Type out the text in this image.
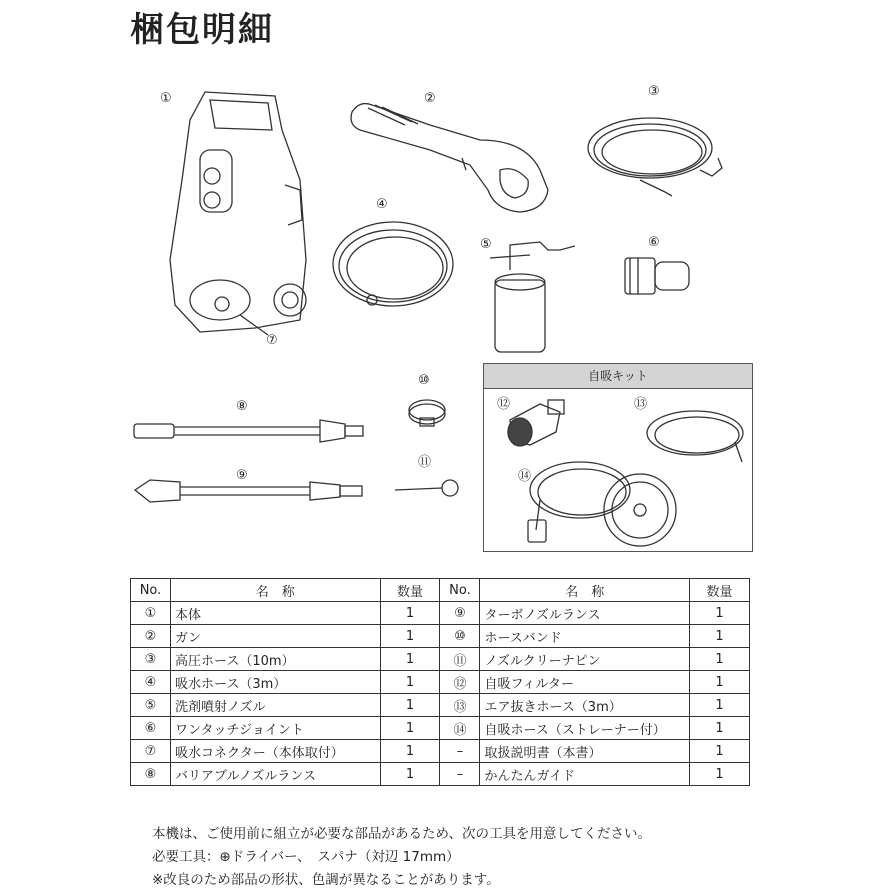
梱包明細
①	②	③
④
⑤	⑥
⑦
⑧
⑨
⑩
⑪
⑫	⑬
⑭
自吸キット
No.	名　称	数量	No.	名　称	数量
①	本体	1	⑨	ターボノズルランス	1
②	ガン	1	⑩	ホースバンド	1
③	高圧ホース（10m）	1	⑪	ノズルクリーナピン	1
④	吸水ホース（3m）	1	⑫	自吸フィルター	1
⑤	洗剤噴射ノズル	1	⑬	エア抜きホース（3m）	1
⑥	ワンタッチジョイント	1	⑭	自吸ホース（ストレーナー付）	1
⑦	吸水コネクター（本体取付）	1	–	取扱説明書（本書）	1
⑧	バリアブルノズルランス	1	–	かんたんガイド	1
本機は、ご使用前に組立が必要な部品があるため、次の工具を用意してください。
必要工具：⊕ドライバー、　スパナ（対辺 17mm）
※改良のため部品の形状、色調が異なることがあります。
